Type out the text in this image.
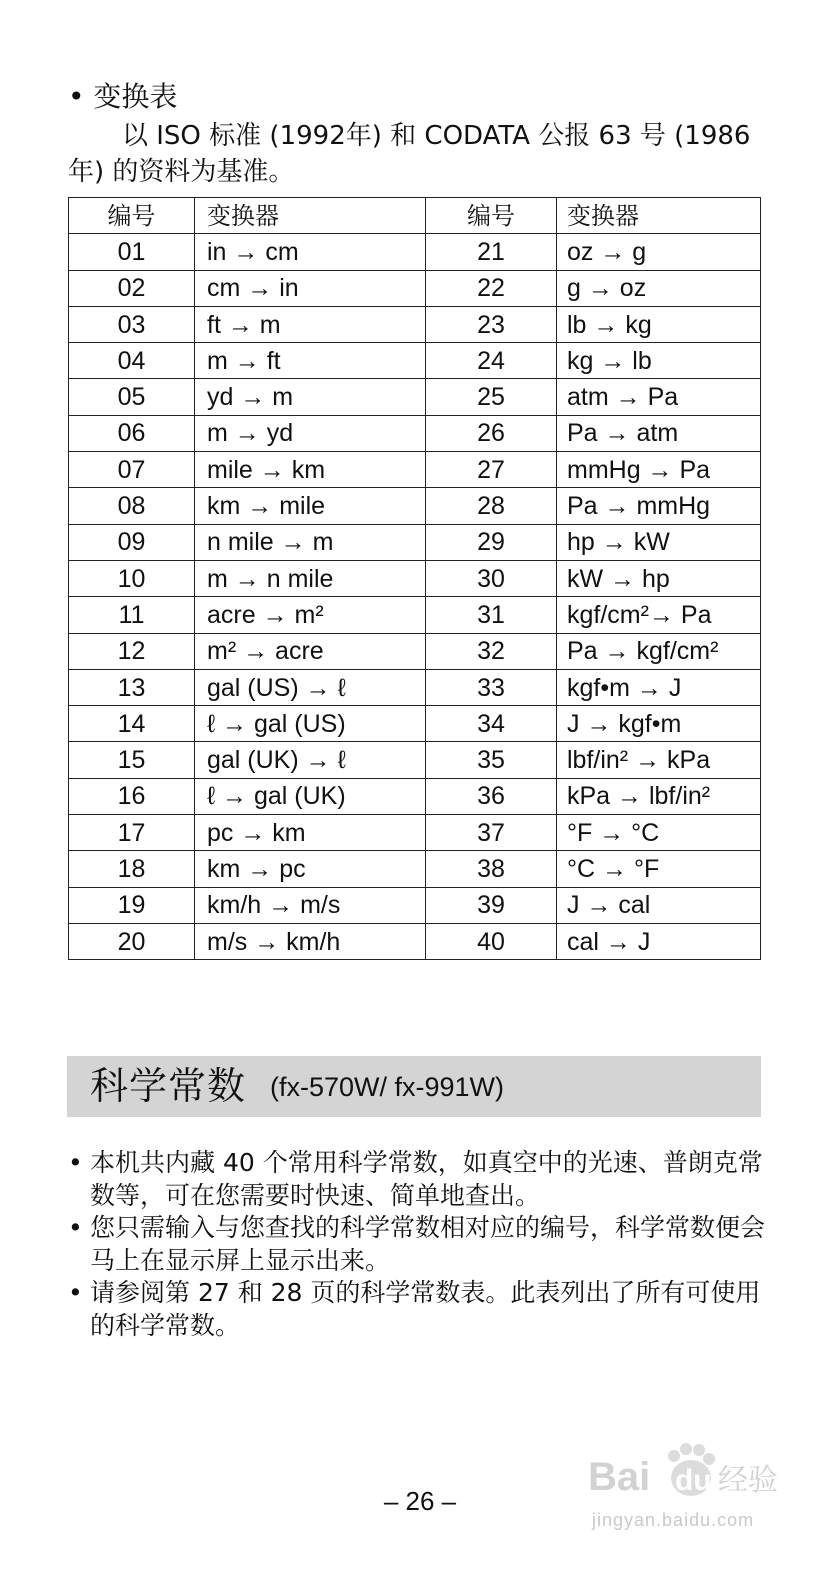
• 变换表
以 ISO 标准 (1992年) 和 CODATA 公报 63 号 (1986年) 的资料为基准。
编号	变换器	编号	变换器
01	in → cm	21	oz → g
02	cm → in	22	g → oz
03	ft → m	23	lb → kg
04	m → ft	24	kg → lb
05	yd → m	25	atm → Pa
06	m → yd	26	Pa → atm
07	mile → km	27	mmHg → Pa
08	km → mile	28	Pa → mmHg
09	n mile → m	29	hp → kW
10	m → n mile	30	kW → hp
11	acre → m²	31	kgf/cm²→ Pa
12	m² → acre	32	Pa → kgf/cm²
13	gal (US) → ℓ	33	kgf•m → J
14	ℓ → gal (US)	34	J → kgf•m
15	gal (UK) → ℓ	35	lbf/in² → kPa
16	ℓ → gal (UK)	36	kPa → lbf/in²
17	pc → km	37	°F → °C
18	km → pc	38	°C → °F
19	km/h → m/s	39	J → cal
20	m/s → km/h	40	cal → J
科学常数 (fx-570W/ fx-991W)
• 本机共内藏 40 个常用科学常数，如真空中的光速、普朗克常数等，可在您需要时快速、简单地查出。
• 您只需输入与您查找的科学常数相对应的编号，科学常数便会马上在显示屏上显示出来。
• 请参阅第 27 和 28 页的科学常数表。此表列出了所有可使用的科学常数。
– 26 –
Bai du 经验
jingyan.baidu.com
